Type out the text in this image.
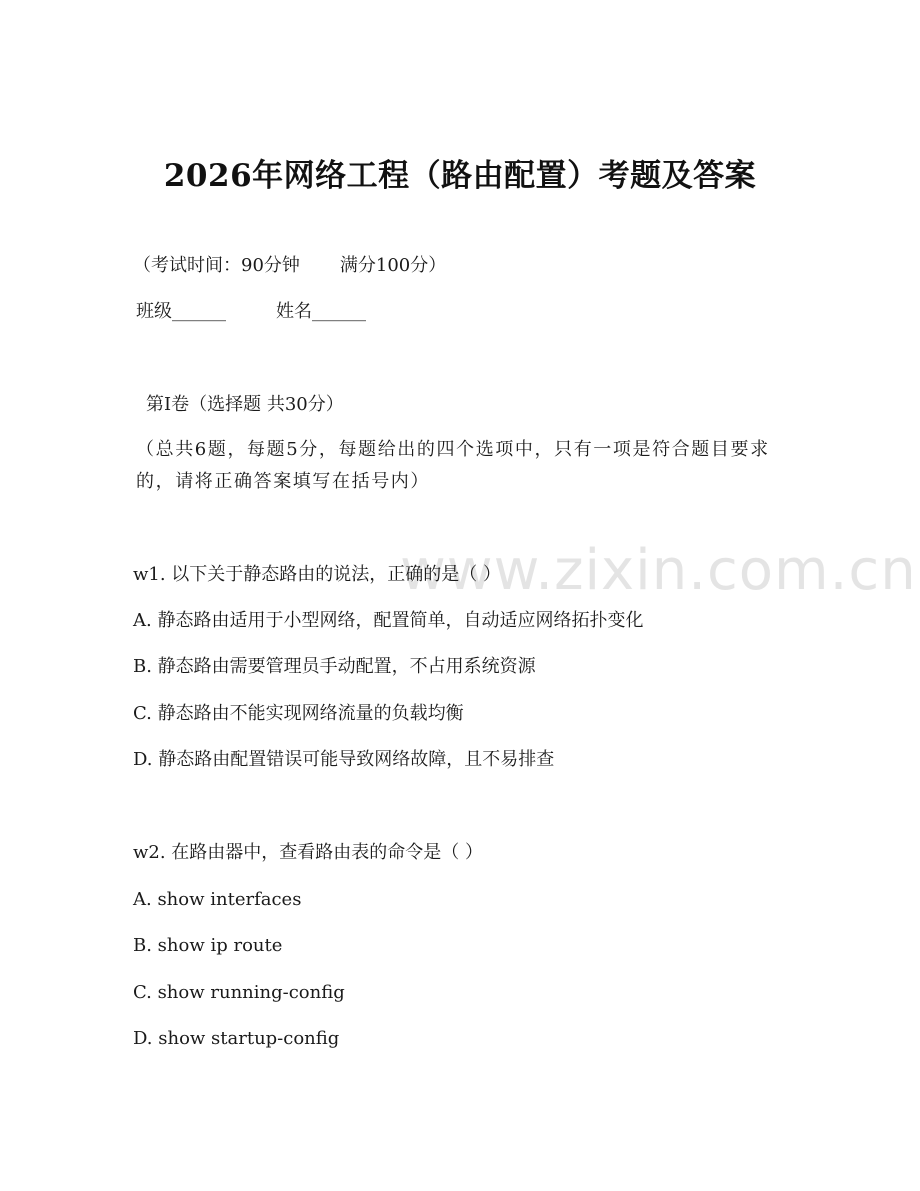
www.zixin.com.cn
2026年网络工程（路由配置）考题及答案
（考试时间：90分钟 满分100分）
班级______	姓名______
第Ⅰ卷（选择题 共30分）
（总共6题，每题5分，每题给出的四个选项中，只有一项是符合题目要求的，请将正确答案填写在括号内）
w1. 以下关于静态路由的说法，正确的是（ ）
A. 静态路由适用于小型网络，配置简单，自动适应网络拓扑变化
B. 静态路由需要管理员手动配置，不占用系统资源
C. 静态路由不能实现网络流量的负载均衡
D. 静态路由配置错误可能导致网络故障，且不易排查
w2. 在路由器中，查看路由表的命令是（ ）
A. show interfaces
B. show ip route
C. show running-config
D. show startup-config
